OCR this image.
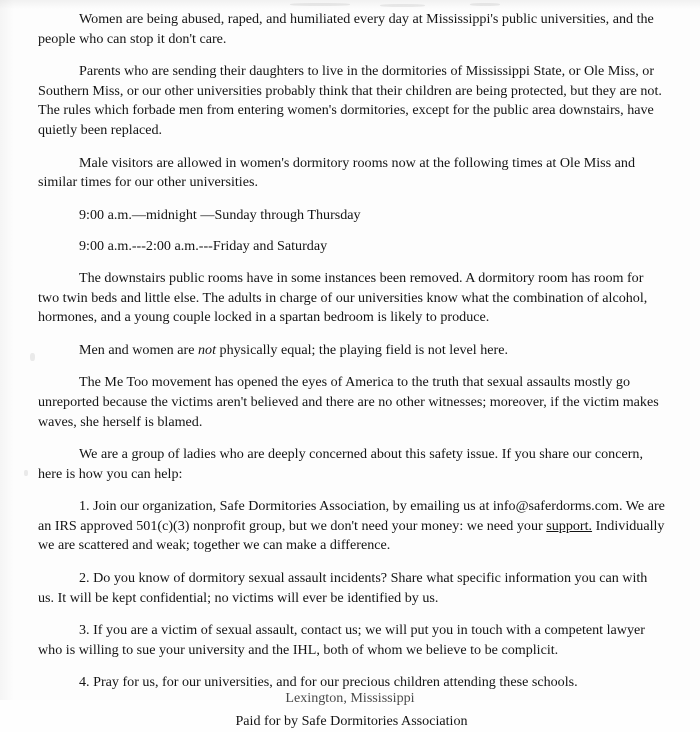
Women are being abused, raped, and humiliated every day at Mississippi's public universities, and the people who can stop it don't care.

Parents who are sending their daughters to live in the dormitories of Mississippi State, or Ole Miss, or Southern Miss, or our other universities probably think that their children are being protected, but they are not. The rules which forbade men from entering women's dormitories, except for the public area downstairs, have quietly been replaced.

Male visitors are allowed in women's dormitory rooms now at the following times at Ole Miss and similar times for our other universities.

9:00 a.m.—midnight —Sunday through Thursday

9:00 a.m.---2:00 a.m.---Friday and Saturday

The downstairs public rooms have in some instances been removed. A dormitory room has room for two twin beds and little else. The adults in charge of our universities know what the combination of alcohol, hormones, and a young couple locked in a spartan bedroom is likely to produce.

Men and women are not physically equal; the playing field is not level here.

The Me Too movement has opened the eyes of America to the truth that sexual assaults mostly go unreported because the victims aren't believed and there are no other witnesses; moreover, if the victim makes waves, she herself is blamed.

We are a group of ladies who are deeply concerned about this safety issue. If you share our concern, here is how you can help:

1. Join our organization, Safe Dormitories Association, by emailing us at info@saferdorms.com. We are an IRS approved 501(c)(3) nonprofit group, but we don't need your money: we need your support. Individually we are scattered and weak; together we can make a difference.

2. Do you know of dormitory sexual assault incidents? Share what specific information you can with us. It will be kept confidential; no victims will ever be identified by us.

3. If you are a victim of sexual assault, contact us; we will put you in touch with a competent lawyer who is willing to sue your university and the IHL, both of whom we believe to be complicit.

4. Pray for us, for our universities, and for our precious children attending these schools.

Paid for by Safe Dormitories Association

Lexington, Mississippi
